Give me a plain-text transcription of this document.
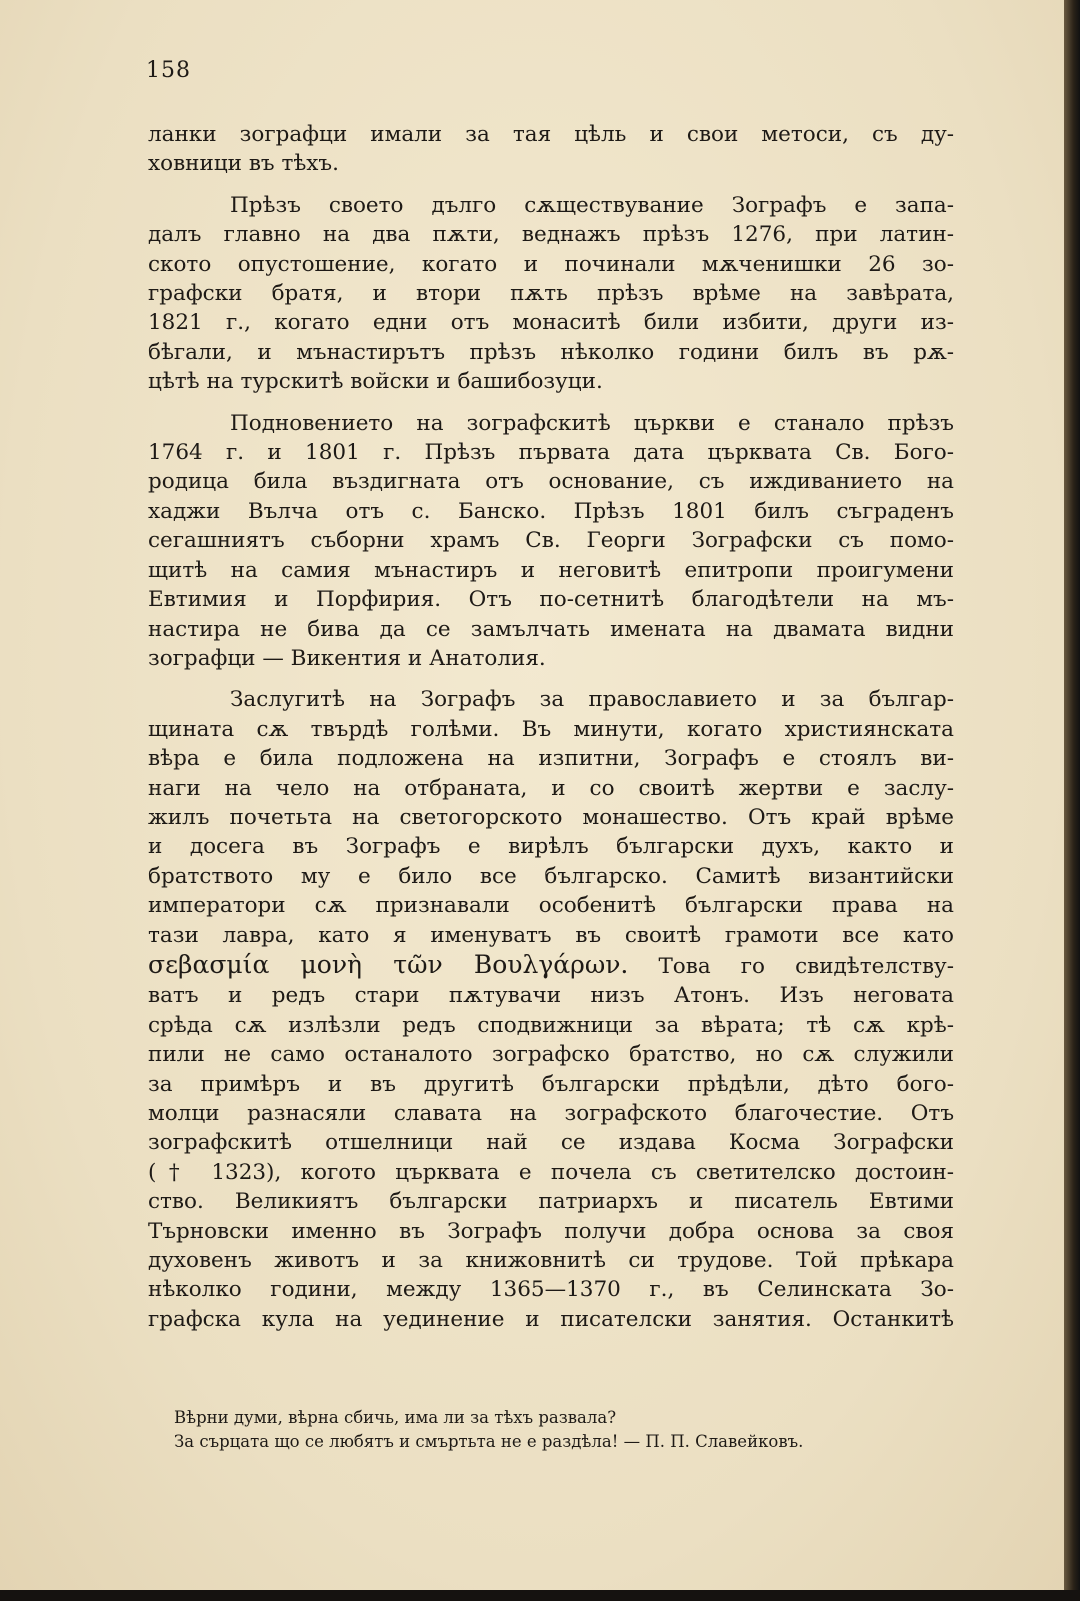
158
ланки зографци имали за тая цѣль и свои метоси, съ ду-
ховници въ тѣхъ.
Прѣзъ своето дълго сѫществувание Зографъ е запа-
далъ главно на два пѫти, веднажъ прѣзъ 1276, при латин-
ското опустошение, когато и починали мѫченишки 26 зо-
графски братя, и втори пѫть прѣзъ врѣме на завѣрата,
1821 г., когато едни отъ монаситѣ били избити, други из-
бѣгали, и мънастирътъ прѣзъ нѣколко години билъ въ рѫ-
цѣтѣ на турскитѣ войски и башибозуци.
Подновението на зографскитѣ църкви е станало прѣзъ
1764 г. и 1801 г. Прѣзъ първата дата църквата Св. Бого-
родица била въздигната отъ основание, съ иждиванието на
хаджи Вълча отъ с. Банско. Прѣзъ 1801 билъ съграденъ
сегашниятъ съборни храмъ Св. Георги Зографски съ помо-
щитѣ на самия мънастиръ и неговитѣ епитропи проигумени
Евтимия и Порфирия. Отъ по-сетнитѣ благодѣтели на мъ-
настира не бива да се замълчать имената на двамата видни
зографци — Викентия и Анатолия.
Заслугитѣ на Зографъ за православието и за българ-
щината сѫ твърдѣ голѣми. Въ минути, когато християнската
вѣра е била подложена на изпитни, Зографъ е стоялъ ви-
наги на чело на отбраната, и со своитѣ жертви е заслу-
жилъ почетьта на светогорското монашество. Отъ край врѣме
и досега въ Зографъ е вирѣлъ български духъ, както и
братството му е било все българско. Самитѣ византийски
императори сѫ признавали особенитѣ български права на
тази лавра, като я именуватъ въ своитѣ грамоти все като
σεβασμία μονὴ τῶν Βουλγάρων. Това го свидѣтелству-
ватъ и редъ стари пѫтувачи низъ Атонъ. Изъ неговата
срѣда сѫ излѣзли редъ сподвижници за вѣрата; тѣ сѫ крѣ-
пили не само останалото зографско братство, но сѫ служили
за примѣръ и въ другитѣ български прѣдѣли, дѣто бого-
молци разнасяли славата на зографското благочестие. Отъ
зографскитѣ отшелници най се издава Косма Зографски
(† 1323), когото църквата е почела съ светителско достоин-
ство. Великиятъ български патриархъ и писатель Евтими
Търновски именно въ Зографъ получи добра основа за своя
духовенъ животъ и за книжовнитѣ си трудове. Той прѣкара
нѣколко години, между 1365—1370 г., въ Селинската Зо-
графска кула на уединение и писателски занятия. Останкитѣ
Вѣрни думи, вѣрна сбичь, има ли за тѣхъ развала?
За сърцата що се любятъ и смъртьта не е раздѣла! — П. П. Славейковъ.
